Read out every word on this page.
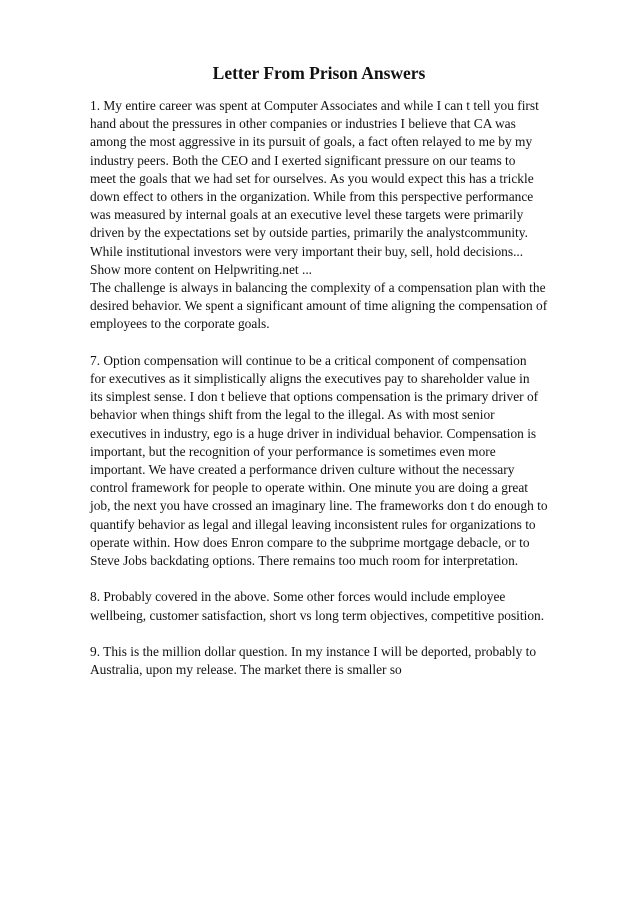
Letter From Prison Answers
1. My entire career was spent at Computer Associates and while I can t tell you first
hand about the pressures in other companies or industries I believe that CA was
among the most aggressive in its pursuit of goals, a fact often relayed to me by my
industry peers. Both the CEO and I exerted significant pressure on our teams to
meet the goals that we had set for ourselves. As you would expect this has a trickle
down effect to others in the organization. While from this perspective performance
was measured by internal goals at an executive level these targets were primarily
driven by the expectations set by outside parties, primarily the analystcommunity.
While institutional investors were very important their buy, sell, hold decisions...
Show more content on Helpwriting.net ...
The challenge is always in balancing the complexity of a compensation plan with the
desired behavior. We spent a significant amount of time aligning the compensation of
employees to the corporate goals.
7. Option compensation will continue to be a critical component of compensation
for executives as it simplistically aligns the executives pay to shareholder value in
its simplest sense. I don t believe that options compensation is the primary driver of
behavior when things shift from the legal to the illegal. As with most senior
executives in industry, ego is a huge driver in individual behavior. Compensation is
important, but the recognition of your performance is sometimes even more
important. We have created a performance driven culture without the necessary
control framework for people to operate within. One minute you are doing a great
job, the next you have crossed an imaginary line. The frameworks don t do enough to
quantify behavior as legal and illegal leaving inconsistent rules for organizations to
operate within. How does Enron compare to the subprime mortgage debacle, or to
Steve Jobs backdating options. There remains too much room for interpretation.
8. Probably covered in the above. Some other forces would include employee
wellbeing, customer satisfaction, short vs long term objectives, competitive position.
9. This is the million dollar question. In my instance I will be deported, probably to
Australia, upon my release. The market there is smaller so
